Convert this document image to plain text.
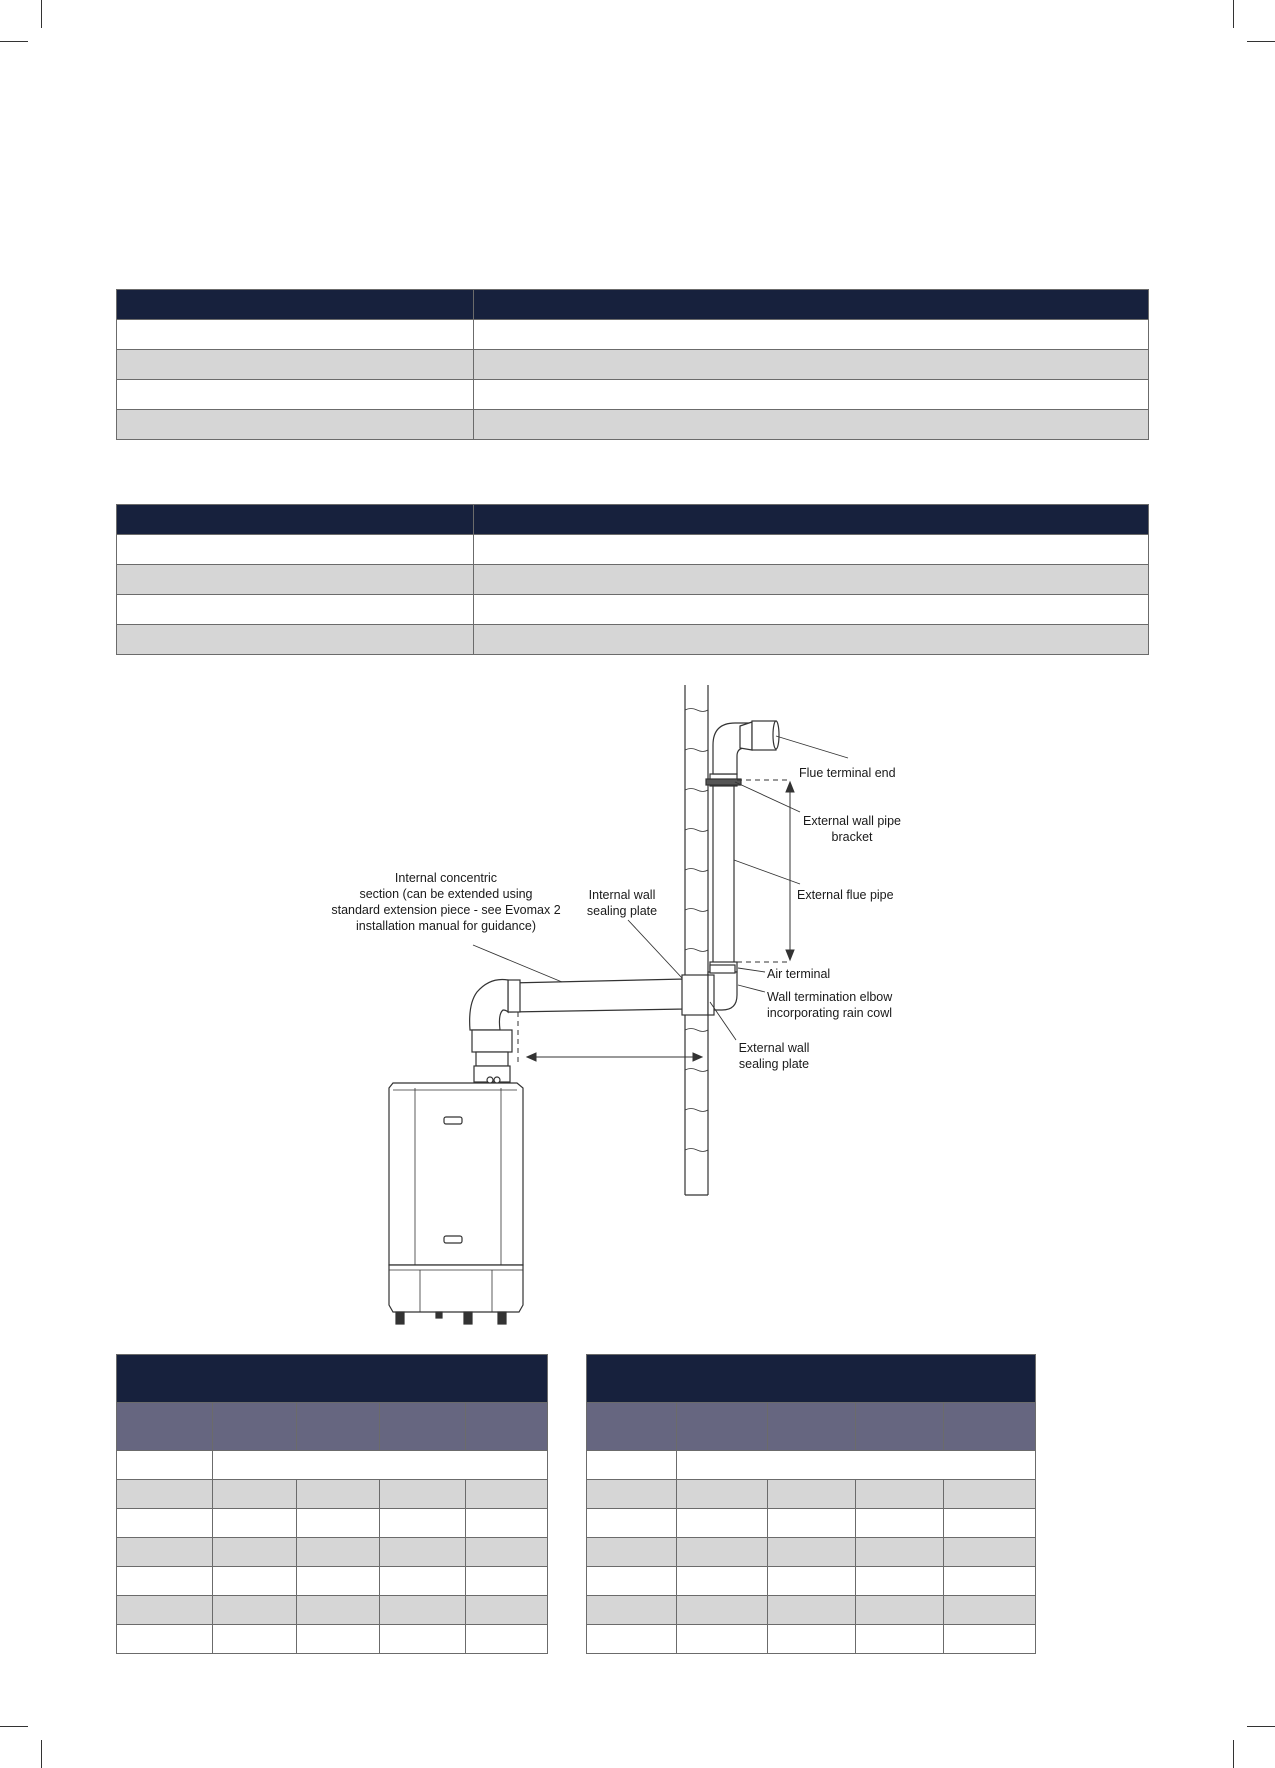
Internal concentric
section (can be extended using
standard extension piece - see Evomax 2
installation manual for guidance)
Internal wall
sealing plate
Flue terminal end
External wall pipe
bracket
External flue pipe
Air terminal
Wall termination elbow
incorporating rain cowl
External wall
sealing plate
